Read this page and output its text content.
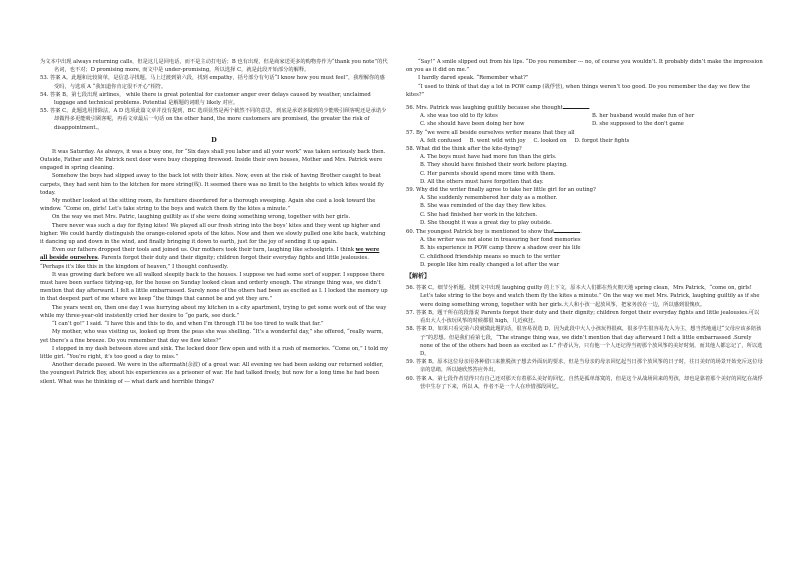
为文本中出现 always returning calls，但是这儿是回电话，而不是主动打电话；B 也有出现，但是商家送更多的购物券作为“thank you note”的代名词，也不对；D promising more, 而文中是 under-promising，所以选择 C，就是此段开始部分的解释。

53. 答案 A。此题和比较简单，是信息寻找题。马上过渡到第六段，找到 empathy，括号部分有句话“I know how you must feel”，我理解你的感受吗，与选项 A “我知道你肯定很不开心”相符。

54. 答案 B。第七段出现 airlines， while there is great potential for customer anger over delays caused by weather, unclaimed luggage and technical problems. Potential 是解题的词眼与 likely 对应。

55. 答案 C。此题选用排除法，A D 选项此篇文章并没有提到，BC 选项显然是两个截然不同的意思，到底是承诺多做到的少能吸引顾客呢还是承诺少却做得多更能吸引顾客呢，再看文章最后一句话 on the other hand, the more customers are promised, the greater the risk of disappointment.。

D

It was Saturday. As always, it was a busy one, for “Six days shall you labor and all your work” was taken seriously back then. Outside, Father and Mr. Patrick next door were busy chopping firewood. Inside their own houses, Mother and Mrs. Patrick were engaged in spring cleaning.

Somehow the boys had slipped away to the back lot with their kites. Now, even at the risk of having Brother caught to beat carpets, they had sent him to the kitchen for more string(线). It seemed there was no limit to the heights to which kites would fly today.

My mother looked at the sitting room, its furniture disordered for a thorough sweeping. Again she cast a look toward the window. “Come on, girls! Let’s take string to the boys and watch them fly the kites a minute.”

On the way we met Mrs. Patric, laughing guiltily as if she were doing something wrong, together with her girls.

There never was such a day for flying kites! We played all our fresh string into the boys’ kites and they went up higher and higher. We could hardly distinguish the orange-colored spots of the kites. Now and then we slowly pulled one kite back, watching it dancing up and down in the wind, and finally bringing it down to earth, just for the joy of sending it up again.

Even our fathers dropped their tools and joined us. Our mothers took their turn, laughing like schoolgirls. I think we were all beside ourselves. Parents forgot their duty and their dignity; children forgot their everyday fights and little jealousies. “Perhaps it’s like this in the kingdom of heaven,” I thought confusedly.

It was growing dark before we all walked sleepily back to the houses. I suppose we had some sort of supper. I suppose there must have been surface tidying-up, for the house on Sunday looked clean and orderly enough. The strange thing was, we didn’t mention that day afterward. I felt a little embarrassed. Surely none of the others had been as excited as I. I locked the memory up in that deepest part of me where we keep “the things that cannot be and yet they are.”

The years went on, then one day I was hurrying about my kitchen in a city apartment, trying to get some work out of the way while my three-year-old insistently cried her desire to “go park, see duck.”

“I can’t go!” I said. “I have this and this to do, and when I’m through I’ll be too tired to walk that far.”

My mother, who was visiting us, looked up from the peas she was shelling. “It’s a wonderful day,” she offered, “really warm, yet there’s a fine breeze. Do you remember that day we flew kites?”

I stopped in my dash between stove and sink. The locked door flew open and with it a rush of memories. “Come on,” I told my little girl. “You’re right, it’s too good a day to miss.”

Another decade passed. We were in the aftermath(余波) of a great war. All evening we had been asking our returned soldier, the youngest Patrick Boy, about his experiences as a prisoner of war. He had talked freely, but now for a long time he had been silent. What was he thinking of --- what dark and horrible things?

“Say!” A smile slipped out from his lips. “Do you remember --- no, of course you wouldn’t. It probably didn’t make the impression on you as it did on me.”

I hardly dared speak. “Remember what?”

“I used to think of that day a lot in POW camp (战俘营), when things weren’t too good. Do you remember the day we flew the kites?”

56. Mrs. Patrick was laughing guiltily because she thought	.

A. she was too old to fly kites	B. her husband would make fun of her
C. she should have been doing her how	D. she supposed to the don't game

57. By “we were all beside ourselves writer means that they all

A. felt confused B. went wild with joy C. looked on D. forgot their fights

58. What did the think after the kite-flying?

A. The boys must have had more fun than the girls.
B. They should have finished their work before playing.
C. Her parents should spend more time with them.
D. All the others must have forgotten that day.

59. Why did the writer finally agree to take her little girl for an outing?

A. She suddenly remembered her duty as a mother.
B. She was reminded of the day they flew kites.
C. She had finished her work in the kitchen.
D. She thought it was a great day to play outside.

60. The youngest Patrick boy is mentioned to show that	.

A. the writer was not alone in treasuring her fond memories
B. his experience in POW camp threw a shadow over his life
C. childhood friendship means so much to the writer
D. people like him really changed a lot after the war
【解析】

56. 答案 C。细节分析题。找到文中出现 laughing guilty 的上下文，原本大人们都在热火朝天地 spring clean，Mrs Patrick，“come on, girls! Let’s take string to the boys and watch them fly the kites a minute.” On the way we met Mrs. Patrick, laughing guiltily as if she were doing something wrong, together with her girls.大人和小孩一起放风筝，把家务放在一边，所以感到很愧疚。

57. 答案 B。题干所在的段落说 Parents forgot their duty and their dignity; children forgot their everyday fights and little jealousies.可以看出大人小孩玩风筝的时候都很 high，几近疯狂。

58. 答案 D。如果只看完第六段就做此题的话，很容易误选 D，因为此段中大人小孩玩得很疯，很多学生很容易先入为主，想当然地通过“父母应该多陪孩子”的思想。但是我们看第七段，“The strange thing was, we didn’t mention that day afterward I felt a little embarrassed .Surely none of the of the others had been as excited as I.” 作者认为，只有他一个人还记得当初那个放风筝的美好时刻，而其他人都忘记了，所以选 D。

59. 答案 B。原本这位母亲用各种借口来推脱孩子想去外面玩的要求，但是当母亲的母亲回忆起当日那个放风筝的日子时，往日美好的场景开始充斥这位母亲的思绪，所以她欣然答应外出。

60. 答案 A。第七段作者觉得只有自己还对那天有着那么美好的回忆，自然是孤单落寞的，但是这个从战场回来的男孩，却也是靠着那个美好的回忆在战俘营中生存了下来，所以 A，作者不是一个人在珍惜那段回忆。
